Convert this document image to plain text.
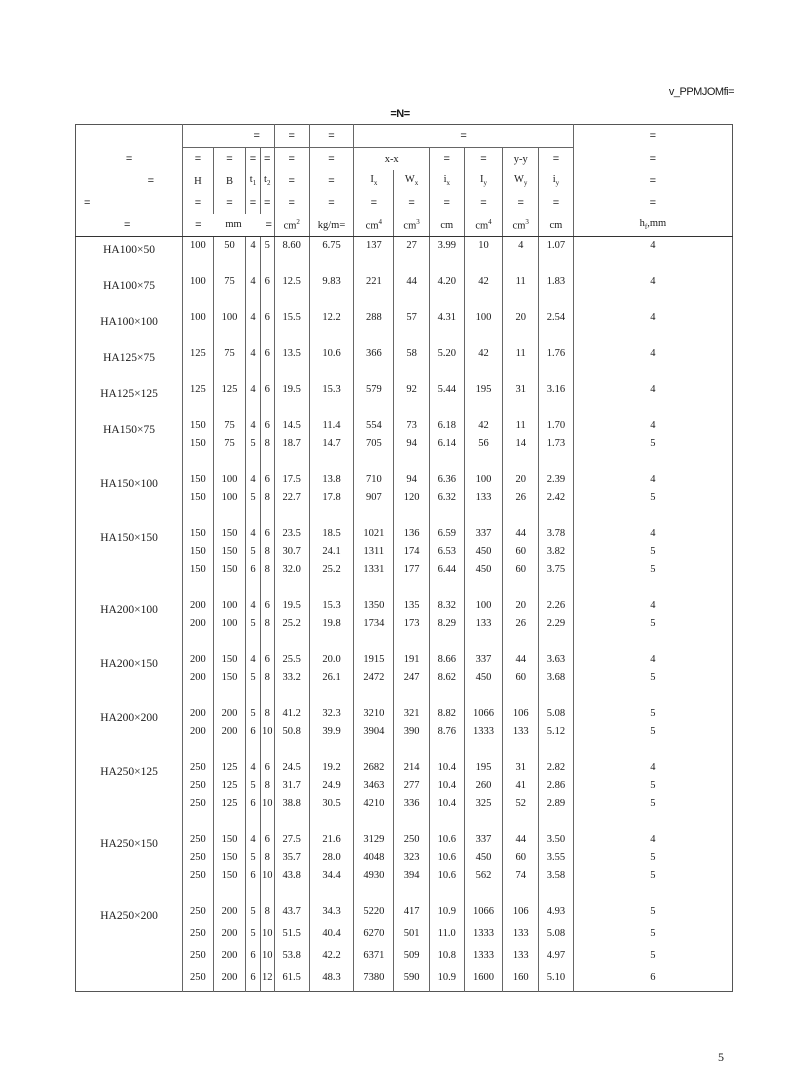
v_PPMJOMfi=
=N=
	=				=	=	=						=
=	=	=	=	=	=	=	x-x		=	=	y-y	=	=
=	H	B	$t_1$	$t_2$	=	=	$I_x$	$W_x$	$i_x$	$I_y$	$W_y$	$i_y$	=
=	=	=	=	=	=	=	=	=	=	=	=	=	=
=	= mm =				$cm^2$	kg/m=	$cm^4$	$cm^3$	cm	$cm^4$	$cm^3$	cm	$h_f,mm$
HA100×50	100	50	4	5	8.60	6.75	137	27	3.99	10	4	1.07	4

HA100×75	100	75	4	6	12.5	9.83	221	44	4.20	42	11	1.83	4

HA100×100	100	100	4	6	15.5	12.2	288	57	4.31	100	20	2.54	4

HA125×75	125	75	4	6	13.5	10.6	366	58	5.20	42	11	1.76	4

HA125×125	125	125	4	6	19.5	15.3	579	92	5.44	195	31	3.16	4

HA150×75	150	75	4	6	14.5	11.4	554	73	6.18	42	11	1.70	4

	150	75	5	8	18.7	14.7	705	94	6.14	56	14	1.73	5

HA150×100	150	100	4	6	17.5	13.8	710	94	6.36	100	20	2.39	4

	150	100	5	8	22.7	17.8	907	120	6.32	133	26	2.42	5

HA150×150	150	150	4	6	23.5	18.5	1021	136	6.59	337	44	3.78	4

	150	150	5	8	30.7	24.1	1311	174	6.53	450	60	3.82	5

	150	150	6	8	32.0	25.2	1331	177	6.44	450	60	3.75	5

HA200×100	200	100	4	6	19.5	15.3	1350	135	8.32	100	20	2.26	4

	200	100	5	8	25.2	19.8	1734	173	8.29	133	26	2.29	5

HA200×150	200	150	4	6	25.5	20.0	1915	191	8.66	337	44	3.63	4

	200	150	5	8	33.2	26.1	2472	247	8.62	450	60	3.68	5

HA200×200	200	200	5	8	41.2	32.3	3210	321	8.82	1066	106	5.08	5

	200	200	6	10	50.8	39.9	3904	390	8.76	1333	133	5.12	5

HA250×125	250	125	4	6	24.5	19.2	2682	214	10.4	195	31	2.82	4

	250	125	5	8	31.7	24.9	3463	277	10.4	260	41	2.86	5

	250	125	6	10	38.8	30.5	4210	336	10.4	325	52	2.89	5

HA250×150	250	150	4	6	27.5	21.6	3129	250	10.6	337	44	3.50	4

	250	150	5	8	35.7	28.0	4048	323	10.6	450	60	3.55	5

	250	150	6	10	43.8	34.4	4930	394	10.6	562	74	3.58	5

HA250×200	250	200	5	8	43.7	34.3	5220	417	10.9	1066	106	4.93	5

	250	200	5	10	51.5	40.4	6270	501	11.0	1333	133	5.08	5

	250	200	6	10	53.8	42.2	6371	509	10.8	1333	133	4.97	5

	250	200	6	12	61.5	48.3	7380	590	10.9	1600	160	5.10	6

5
